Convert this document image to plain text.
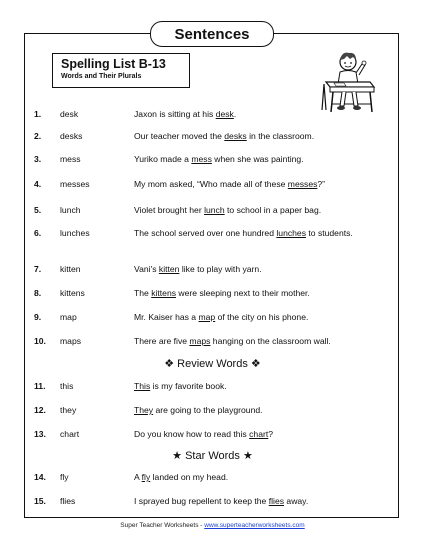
Sentences
Spelling List B-13
Words and Their Plurals
1. desk	Jaxon is sitting at his desk.
2. desks	Our teacher moved the desks in the classroom.
3. mess	Yuriko made a mess when she was painting.
4. messes	My mom asked, “Who made all of these messes?”
5. lunch	Violet brought her lunch to school in a paper bag.
6. lunches	The school served over one hundred lunches to students.
7. kitten	Vani's kitten like to play with yarn.
8. kittens	The kittens were sleeping next to their mother.
9. map	Mr. Kaiser has a map of the city on his phone.
10. maps	There are five maps hanging on the classroom wall.
❖ Review Words ❖
11. this	This is my favorite book.
12. they	They are going to the playground.
13. chart	Do you know how to read this chart?
★ Star Words ★
14. fly	A fly landed on my head.
15. flies	I sprayed bug repellent to keep the flies away.
Super Teacher Worksheets - www.superteacherworksheets.com
